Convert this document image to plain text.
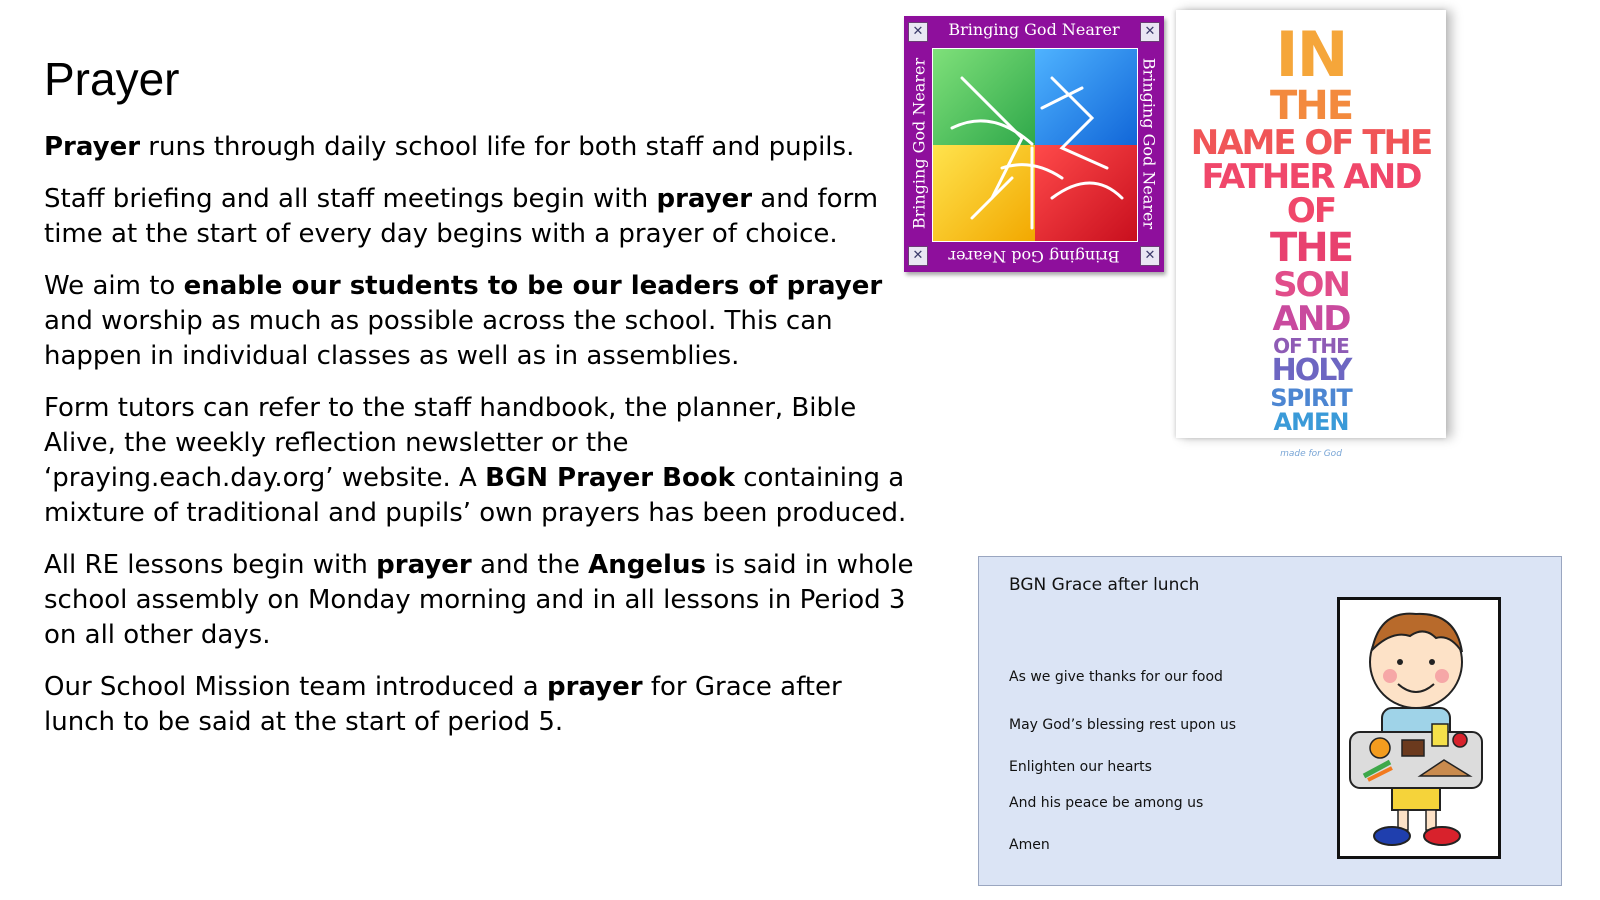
Prayer

Prayer runs through daily school life for both staff and pupils.

Staff briefing and all staff meetings begin with prayer and form time at the start of every day begins with a prayer of choice.

We aim to enable our students to be our leaders of prayer and worship as much as possible across the school. This can happen in individual classes as well as in assemblies.

Form tutors can refer to the staff handbook, the planner, Bible Alive, the weekly reflection newsletter or the ‘praying.each.day.org’ website. A BGN Prayer Book containing a mixture of traditional and pupils’ own prayers has been produced.

All RE lessons begin with prayer and the Angelus is said in whole school assembly on Monday morning and in all lessons in Period 3 on all other days.

Our School Mission team introduced a prayer for Grace after lunch to be said at the start of period 5.

✕	✕
✕	✕
Bringing God Nearer
Bringing God Nearer
Bringing God Nearer	Bringing God Nearer
IN
THE
NAME OF THE
FATHER AND OF
THE
SON
AND
OF THE
HOLY
SPIRIT
AMEN
made for God
BGN Grace after lunch
As we give thanks for our food
May God’s blessing rest upon us
Enlighten our hearts
And his peace be among us
Amen
